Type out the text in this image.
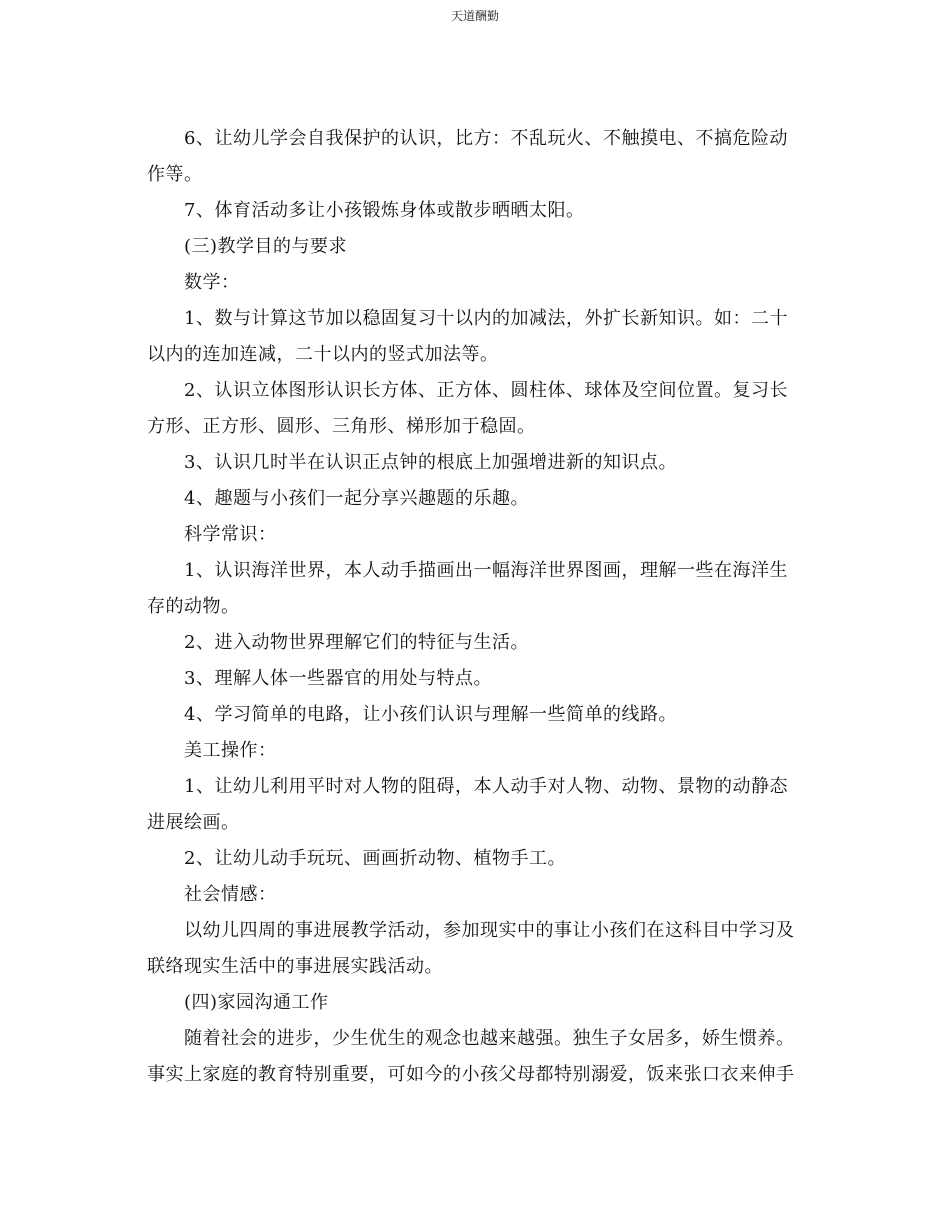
天道酬勤

6、让幼儿学会自我保护的认识，比方：不乱玩火、不触摸电、不搞危险动

作等。

7、体育活动多让小孩锻炼身体或散步晒晒太阳。

(三)教学目的与要求

数学：

1、数与计算这节加以稳固复习十以内的加减法，外扩长新知识。如：二十

以内的连加连减，二十以内的竖式加法等。

2、认识立体图形认识长方体、正方体、圆柱体、球体及空间位置。复习长

方形、正方形、圆形、三角形、梯形加于稳固。

3、认识几时半在认识正点钟的根底上加强增进新的知识点。

4、趣题与小孩们一起分享兴趣题的乐趣。

科学常识：

1、认识海洋世界，本人动手描画出一幅海洋世界图画，理解一些在海洋生

存的动物。

2、进入动物世界理解它们的特征与生活。

3、理解人体一些器官的用处与特点。

4、学习简单的电路，让小孩们认识与理解一些简单的线路。

美工操作：

1、让幼儿利用平时对人物的阻碍，本人动手对人物、动物、景物的动静态

进展绘画。

2、让幼儿动手玩玩、画画折动物、植物手工。

社会情感：

以幼儿四周的事进展教学活动，参加现实中的事让小孩们在这科目中学习及

联络现实生活中的事进展实践活动。

(四)家园沟通工作

随着社会的进步，少生优生的观念也越来越强。独生子女居多，娇生惯养。

事实上家庭的教育特别重要，可如今的小孩父母都特别溺爱，饭来张口衣来伸手
